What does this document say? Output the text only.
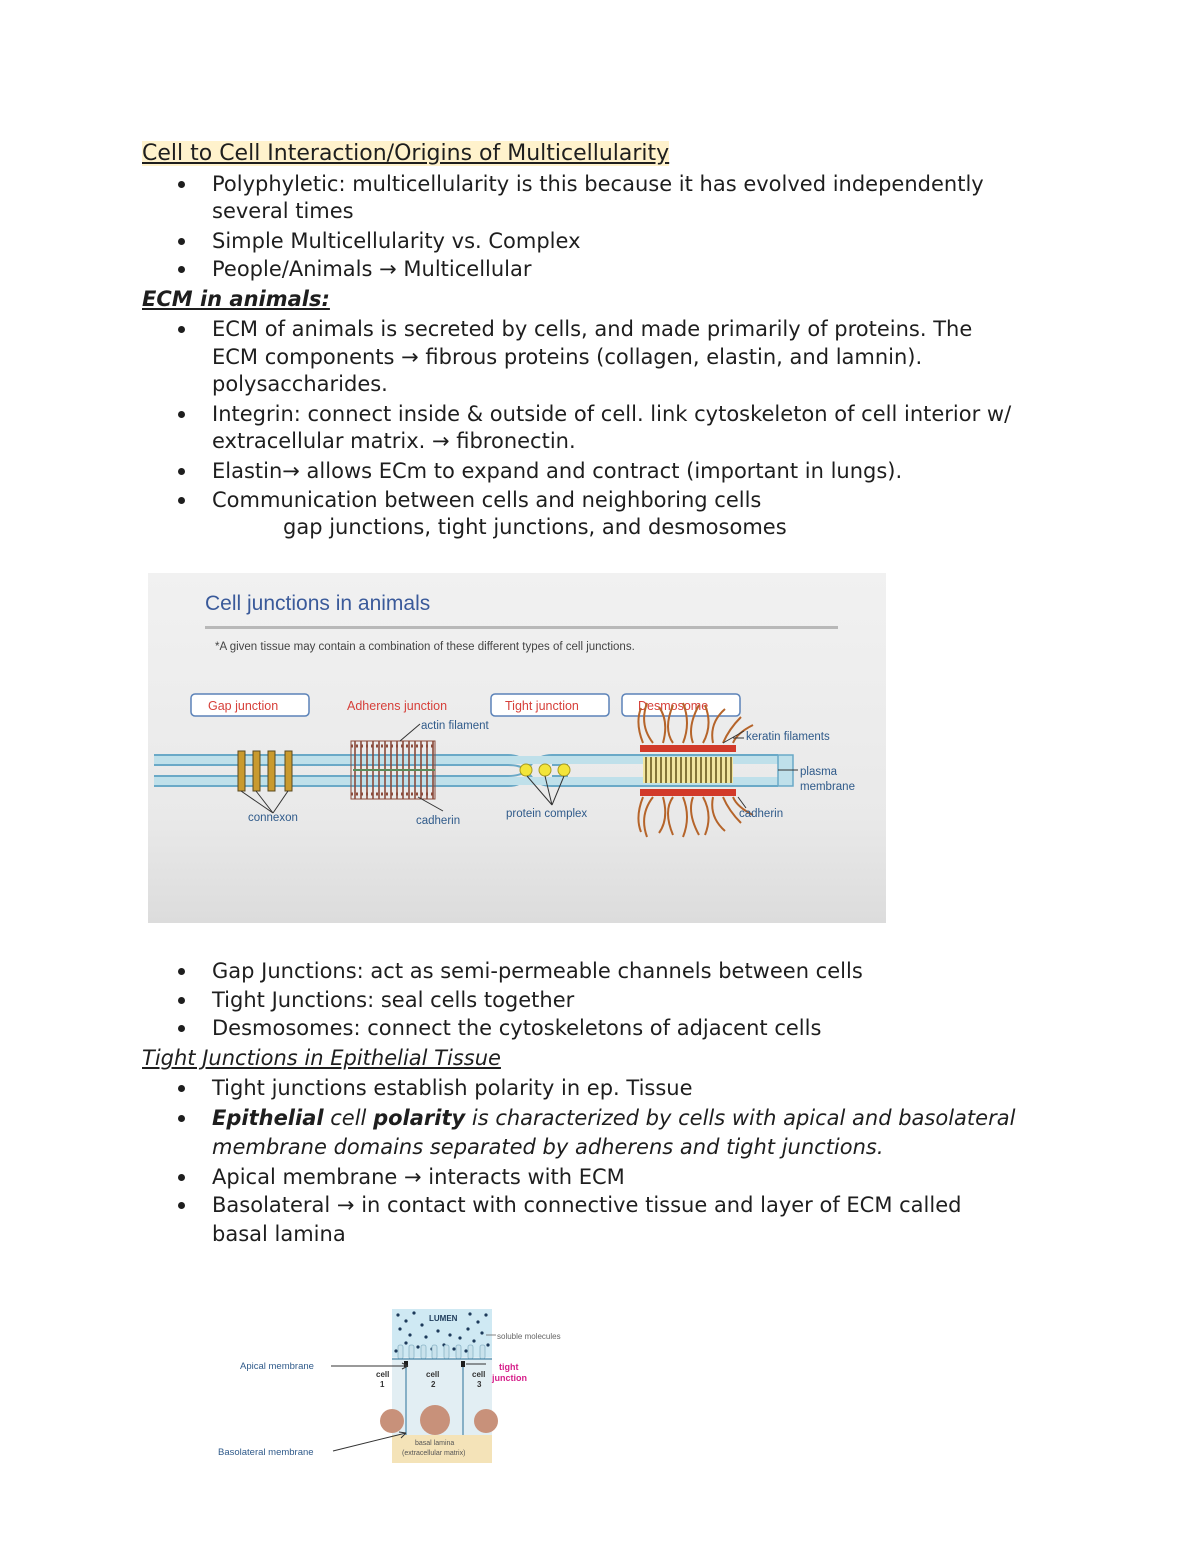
Cell to Cell Interaction/Origins of Multicellularity
Polyphyletic: multicellularity is this because it has evolved independently
several times
Simple Multicellularity vs. Complex
People/Animals → Multicellular
ECM in animals:
ECM of animals is secreted by cells, and made primarily of proteins. The
ECM components → fibrous proteins (collagen, elastin, and lamnin).
polysaccharides.
Integrin: connect inside & outside of cell. link cytoskeleton of cell interior w/
extracellular matrix. → fibronectin.
Elastin→ allows ECm to expand and contract (important in lungs).
Communication between cells and neighboring cells
gap junctions, tight junctions, and desmosomes
Cell junctions in animals
*A given tissue may contain a combination of these different types of cell junctions.
Gap junction	Adherens junction	Tight junction	Desmosome
actin filament
keratin filaments
plasma
membrane
connexon	cadherin
protein complex	cadherin
Gap Junctions: act as semi-permeable channels between cells
Tight Junctions: seal cells together
Desmosomes: connect the cytoskeletons of adjacent cells
Tight Junctions in Epithelial Tissue
Tight junctions establish polarity in ep. Tissue
Epithelial cell polarity is characterized by cells with apical and basolateral
membrane domains separated by adherens and tight junctions.
Apical membrane → interacts with ECM
Basolateral → in contact with connective tissue and layer of ECM called
basal lamina
LUMEN
basal lamina
(extracellular matrix)
cell
1
cell
2
cell
3
soluble molecules
Apical membrane	tight
junction
Basolateral membrane
